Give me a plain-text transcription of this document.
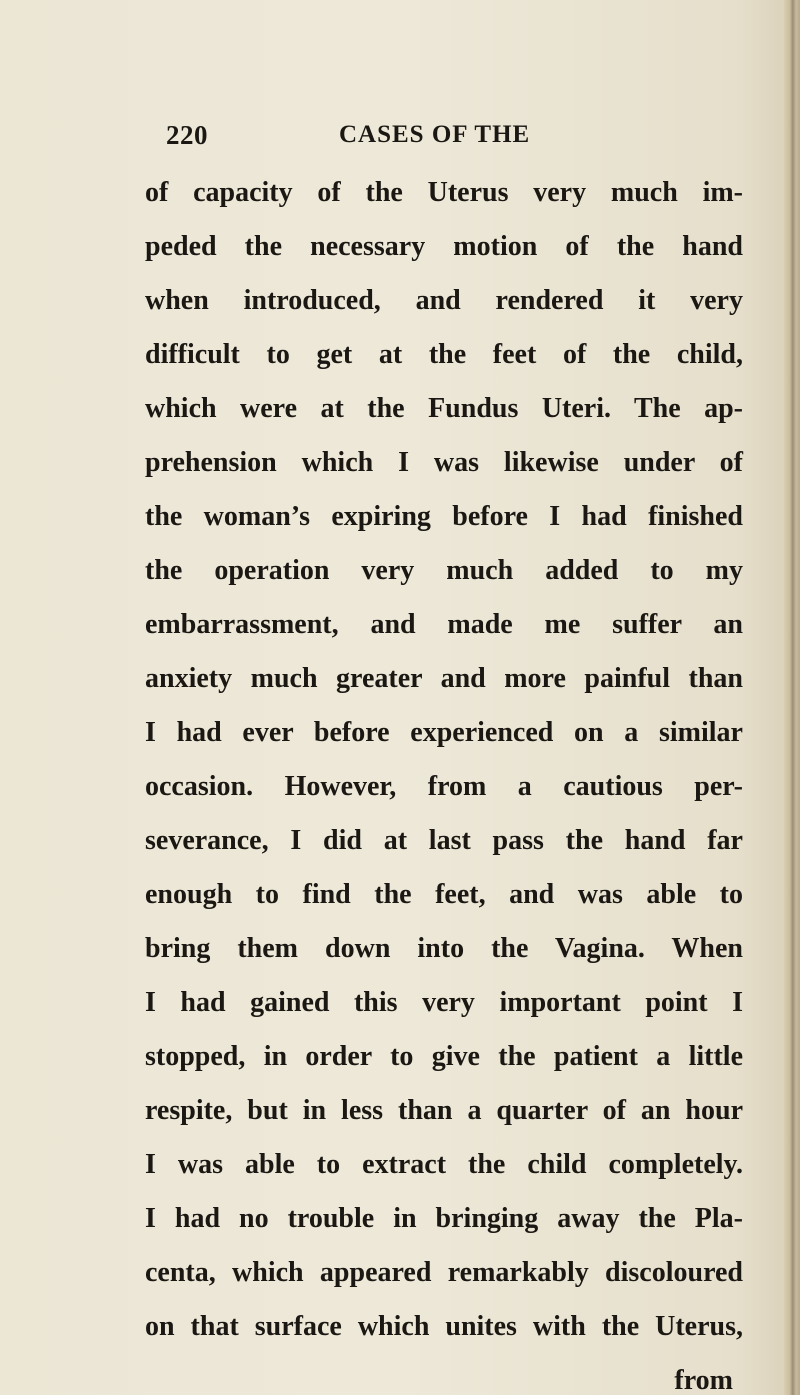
220	CASES OF THE
of capacity of the Uterus very much im-
peded the necessary motion of the hand
when introduced, and rendered it very
difficult to get at the feet of the child,
which were at the Fundus Uteri. The ap-
prehension which I was likewise under of
the woman’s expiring before I had finished
the operation very much added to my
embarrassment, and made me suffer an
anxiety much greater and more painful than
I had ever before experienced on a similar
occasion. However, from a cautious per-
severance, I did at last pass the hand far
enough to find the feet, and was able to
bring them down into the Vagina. When
I had gained this very important point I
stopped, in order to give the patient a little
respite, but in less than a quarter of an hour
I was able to extract the child completely.
I had no trouble in bringing away the Pla-
centa, which appeared remarkably discoloured
on that surface which unites with the Uterus,
from
